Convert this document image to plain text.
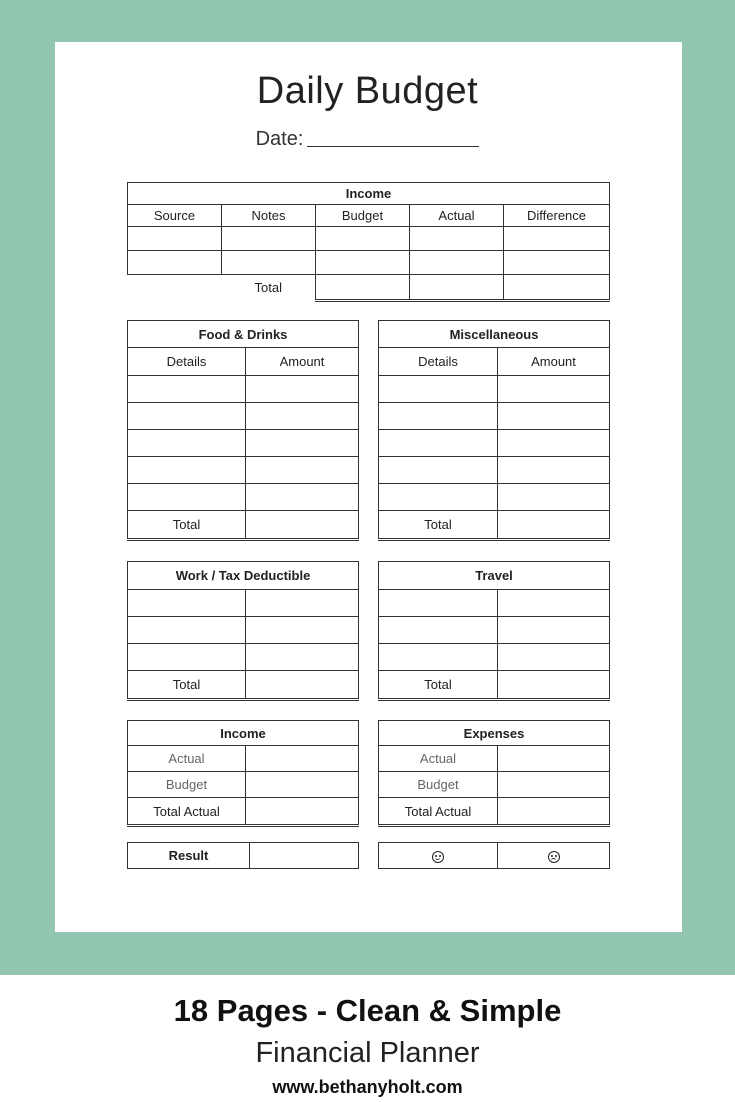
Daily Budget
Date:
Income				
Source	Notes	Budget	Actual	Difference

	Total			
Food & Drinks	
Details	Amount

Total	
Miscellaneous	
Details	Amount

Total	
Work / Tax Deductible	

Total	
Travel	

Total	
Income	
Actual	
Budget	
Total Actual	
Expenses	
Actual	
Budget	
Total Actual	
Result	

18 Pages - Clean & Simple
Financial Planner
www.bethanyholt.com
